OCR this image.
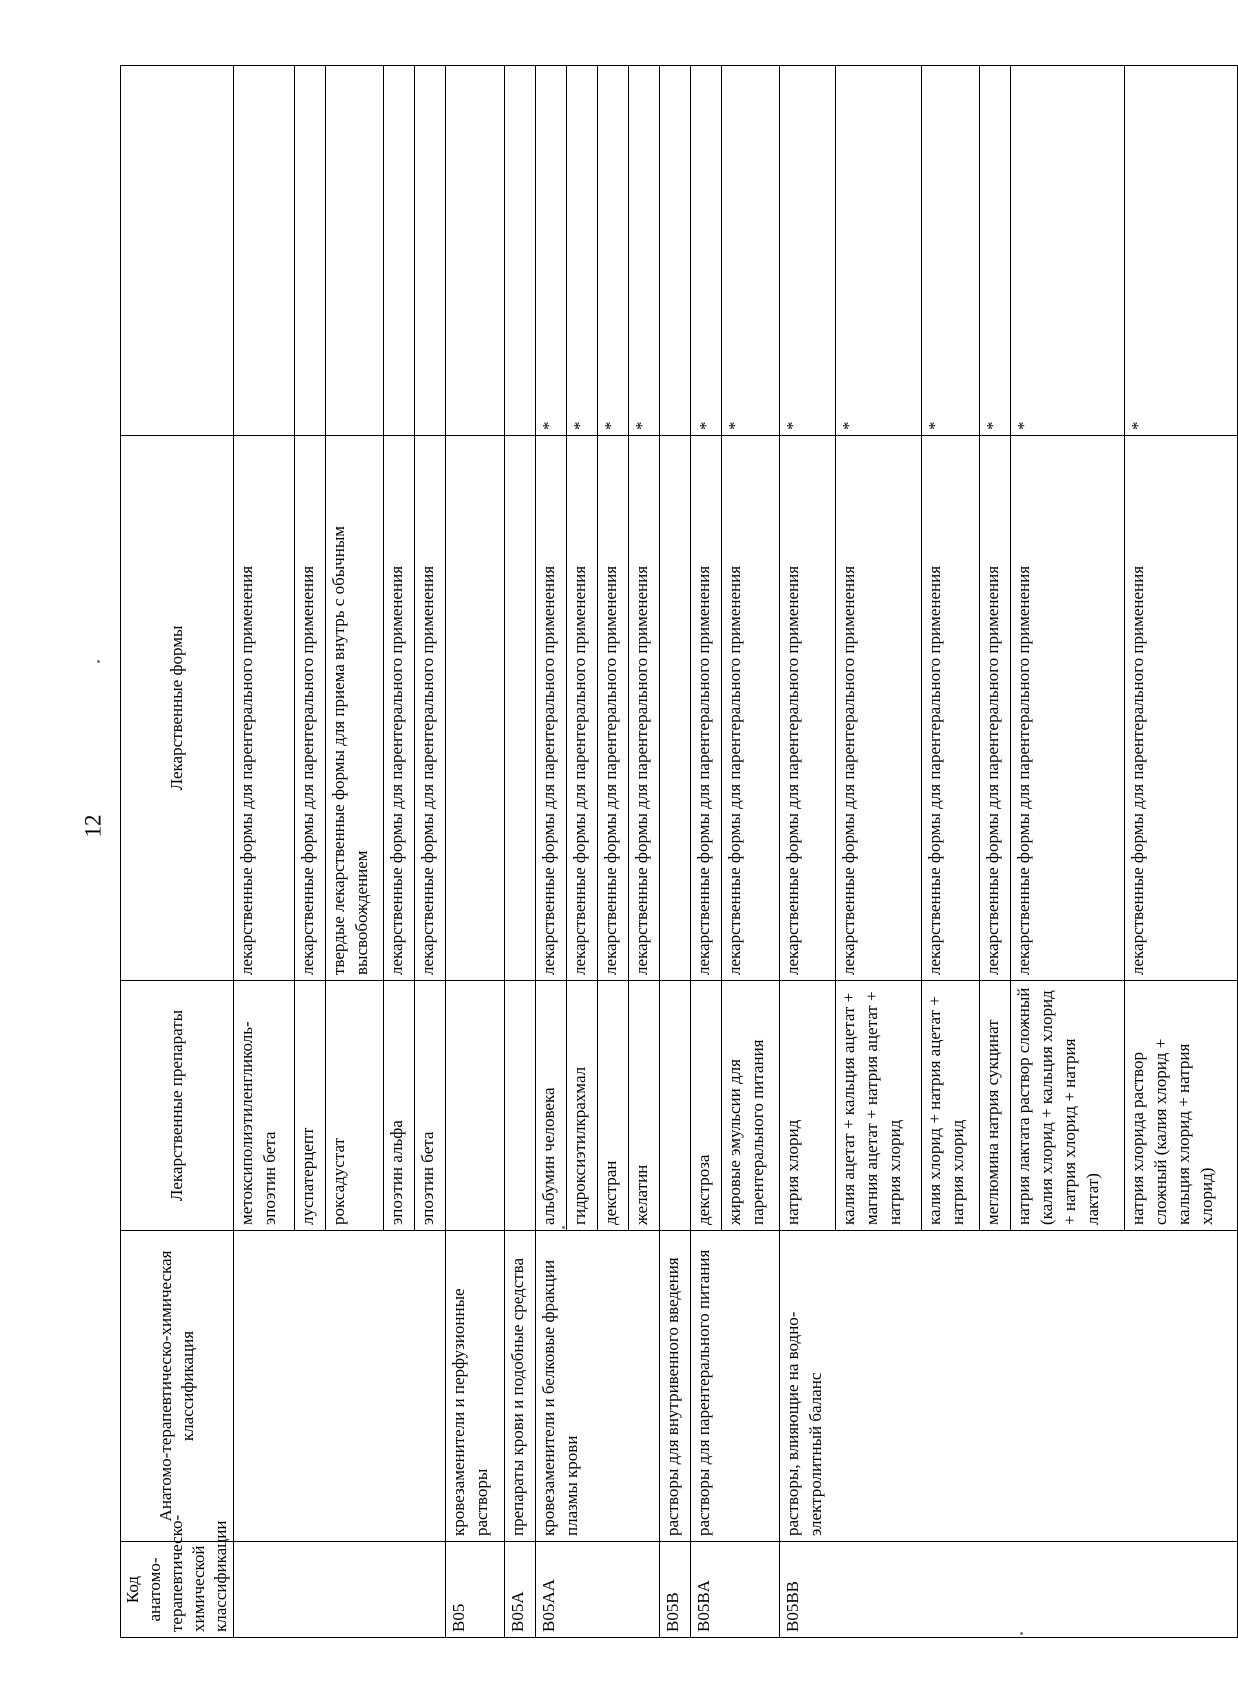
12
Код анатомо-терапевтическо-химической классификации	Анатомо-терапевтическо-химическая классификация	Лекарственные препараты	Лекарственные формы	
		метоксиполиэтиленгликоль-эпоэтин бета	лекарственные формы для парентерального применения	
		луспатерцепт	лекарственные формы для парентерального применения	
		роксадустат	твердые лекарственные формы для приема внутрь с обычным высвобождением	
		эпоэтин альфа	лекарственные формы для парентерального применения	
		эпоэтин бета	лекарственные формы для парентерального применения	
B05	кровезаменители и перфузионные растворы			
B05A	препараты крови и подобные средства			
B05AA	кровезаменители и белковые фракции плазмы крови	альбумин человека	лекарственные формы для парентерального применения	*
		гидроксиэтилкрахмал	лекарственные формы для парентерального применения	*
		декстран	лекарственные формы для парентерального применения	*
		желатин	лекарственные формы для парентерального применения	*
B05B	растворы для внутривенного введения			
B05BA	растворы для парентерального питания	декстроза	лекарственные формы для парентерального применения	*
		жировые эмульсии для парентерального питания	лекарственные формы для парентерального применения	*
B05BB	растворы, влияющие на водно-электролитный баланс	натрия хлорид	лекарственные формы для парентерального применения	*
		калия ацетат + кальция ацетат + магния ацетат + натрия ацетат + натрия хлорид	лекарственные формы для парентерального применения	*
		калия хлорид + натрия ацетат + натрия хлорид	лекарственные формы для парентерального применения	*
		меглюмина натрия сукцинат	лекарственные формы для парентерального применения	*
		натрия лактата раствор сложный (калия хлорид + кальция хлорид + натрия хлорид + натрия лактат)	лекарственные формы для парентерального применения	*
		натрия хлорида раствор сложный (калия хлорид + кальция хлорид + натрия хлорид)	лекарственные формы для парентерального применения	*
